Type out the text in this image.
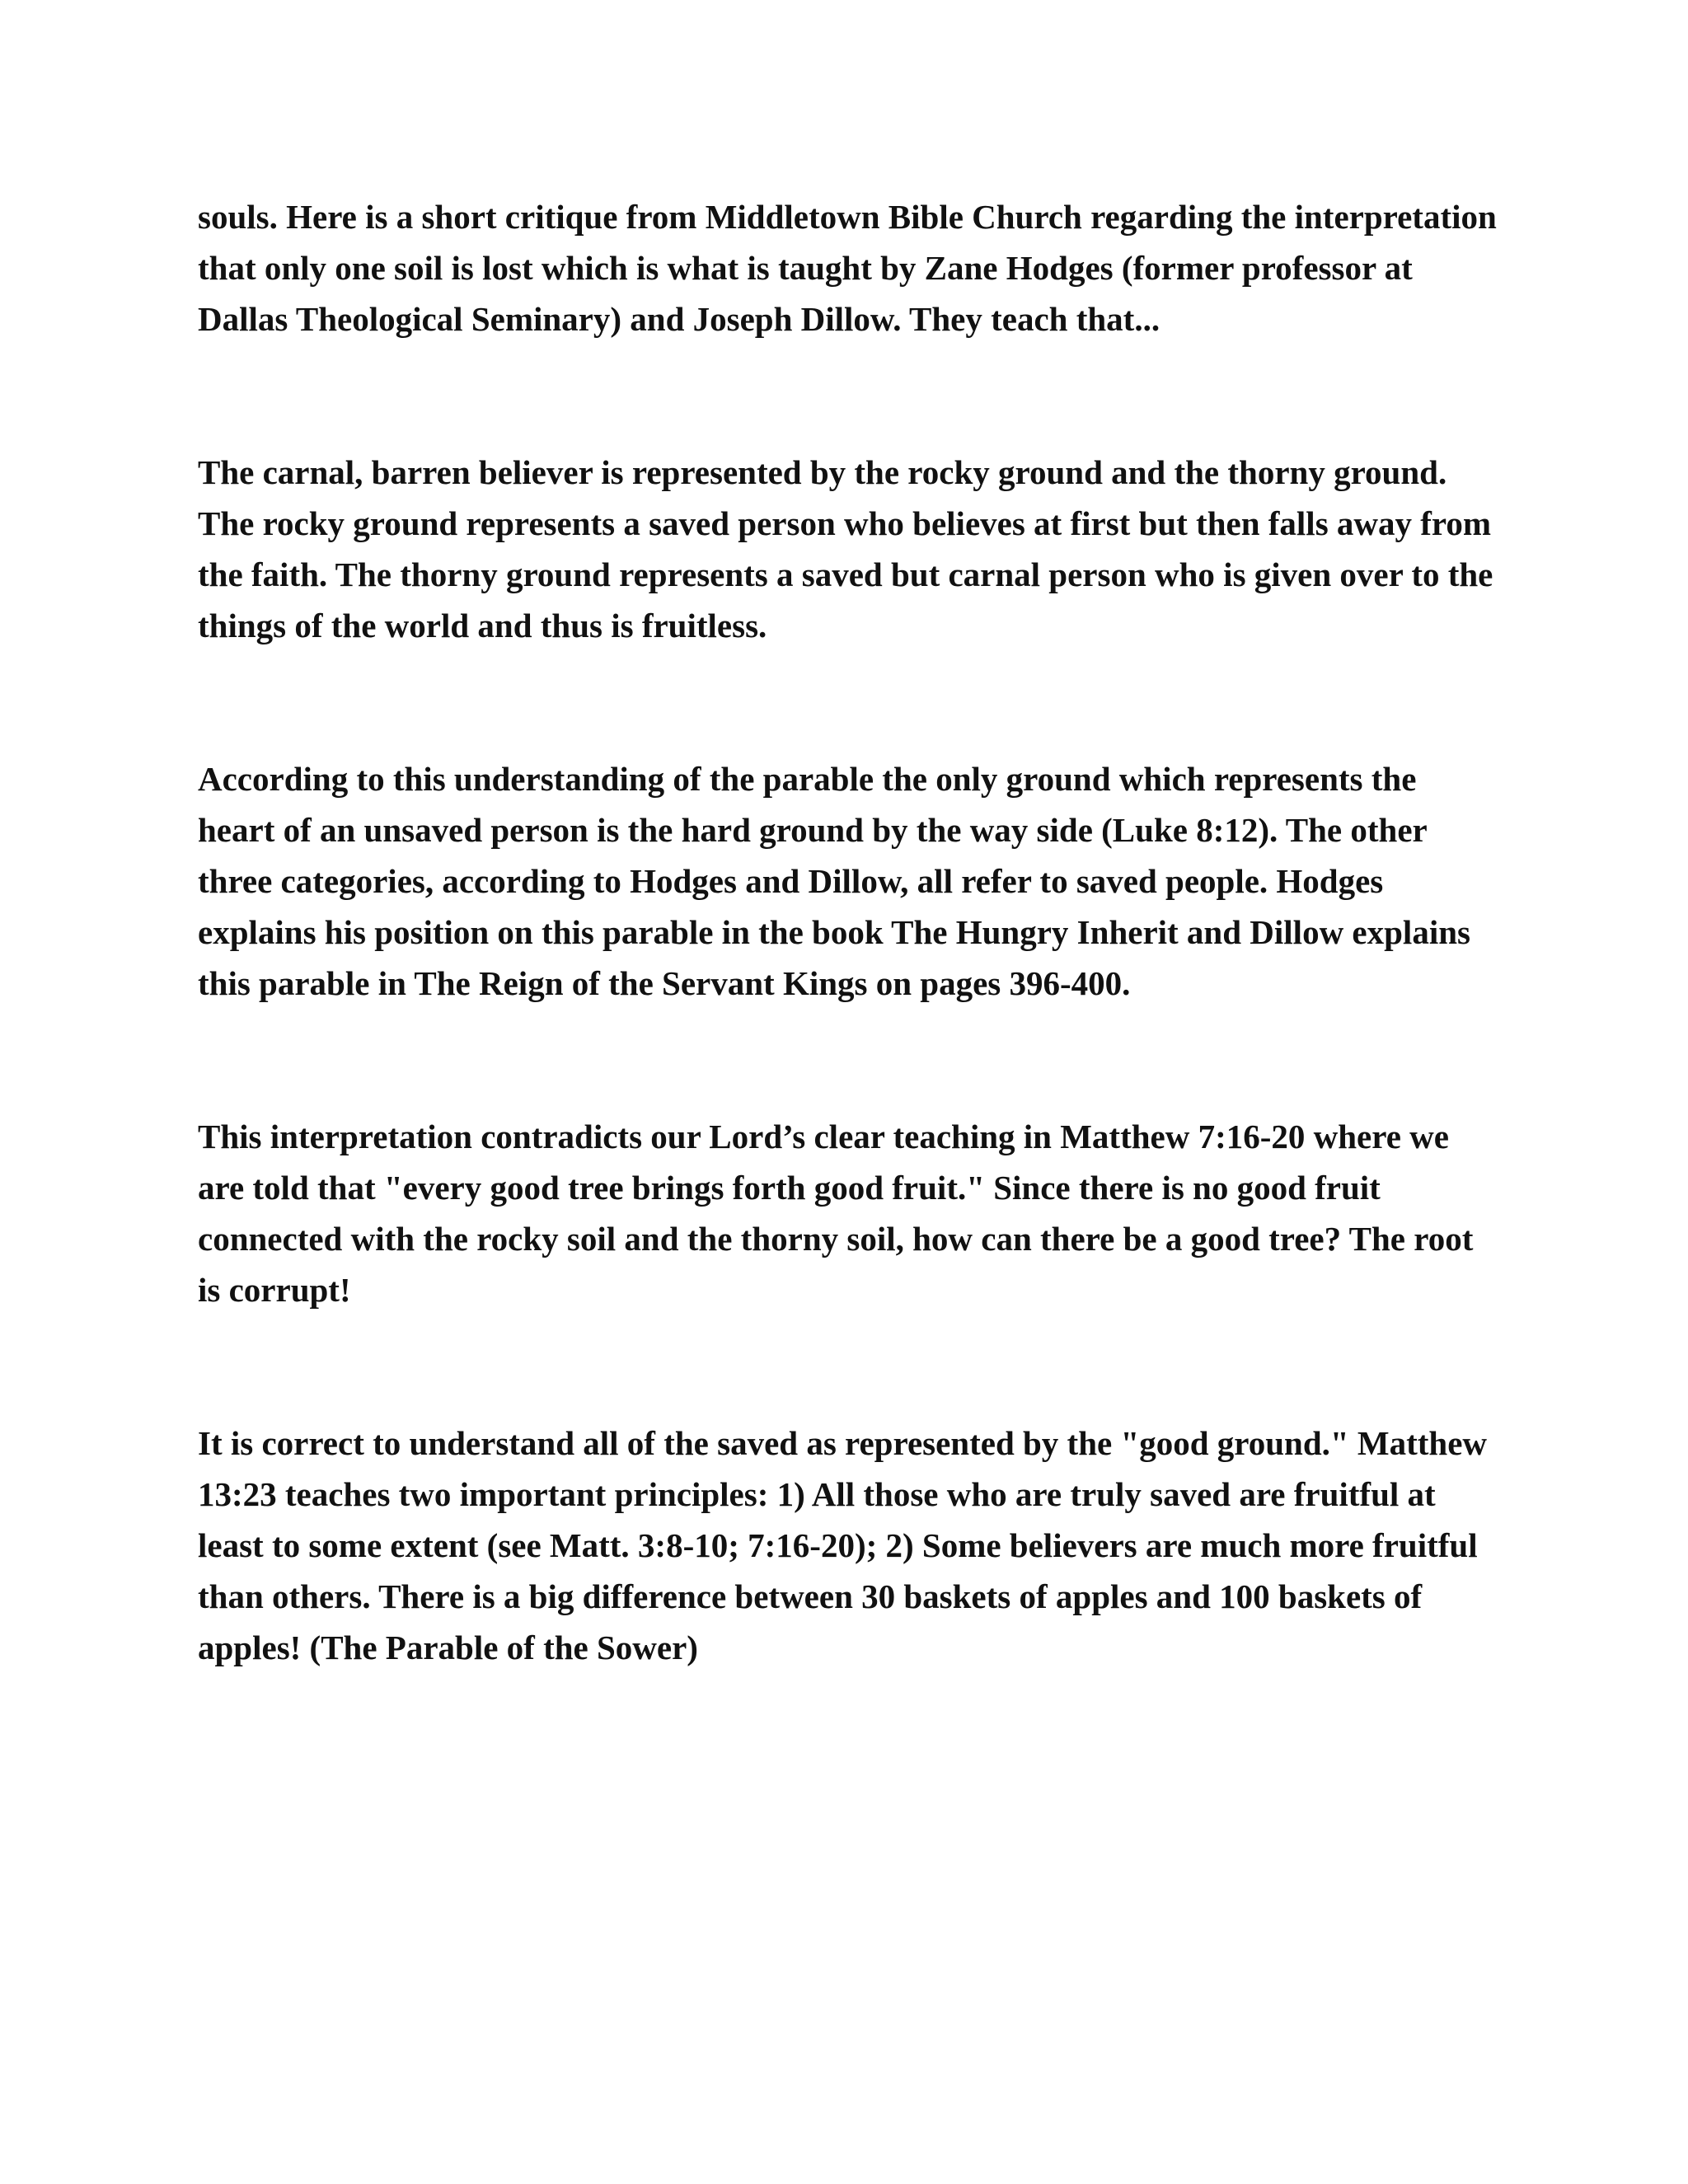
souls. Here is a short critique from Middletown Bible Church regarding the interpretation that only one soil is lost which is what is taught by Zane Hodges (former professor at Dallas Theological Seminary) and Joseph Dillow. They teach that...

The carnal, barren believer is represented by the rocky ground and the thorny ground. The rocky ground represents a saved person who believes at first but then falls away from the faith. The thorny ground represents a saved but carnal person who is given over to the things of the world and thus is fruitless.

According to this understanding of the parable the only ground which represents the heart of an unsaved person is the hard ground by the way side (Luke 8:12). The other three categories, according to Hodges and Dillow, all refer to saved people. Hodges explains his position on this parable in the book The Hungry Inherit and Dillow explains this parable in The Reign of the Servant Kings on pages 396-400.

This interpretation contradicts our Lord’s clear teaching in Matthew 7:16-20 where we are told that "every good tree brings forth good fruit." Since there is no good fruit connected with the rocky soil and the thorny soil, how can there be a good tree? The root is corrupt!

It is correct to understand all of the saved as represented by the "good ground." Matthew 13:23 teaches two important principles: 1) All those who are truly saved are fruitful at least to some extent (see Matt. 3:8-10; 7:16-20); 2) Some believers are much more fruitful than others. There is a big difference between 30 baskets of apples and 100 baskets of apples! (The Parable of the Sower)
